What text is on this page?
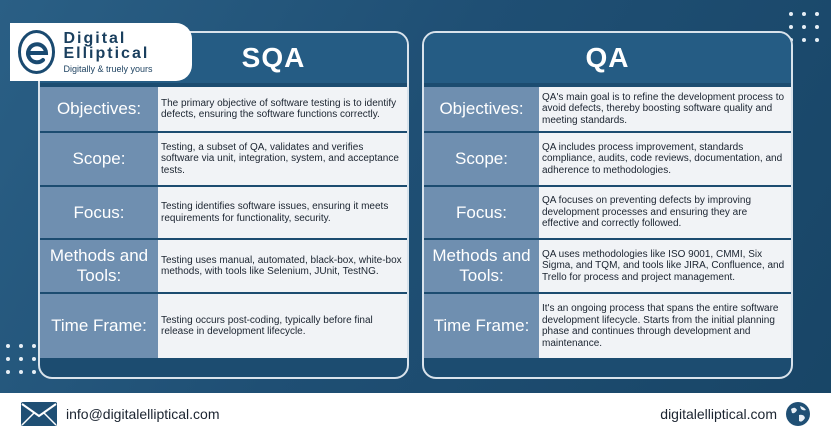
Digital Elliptical
Digitally & truely yours	SQA
Objectives:	The primary objective of software testing is to identify defects, ensuring the software functions correctly.
Scope:
Testing, a subset of QA, validates and verifies software via unit, integration, system, and acceptance tests.
Focus:	Testing identifies software issues, ensuring it meets requirements for functionality, security.
Methods and Tools:
Testing uses manual, automated, black-box, white-box methods, with tools like Selenium, JUnit, TestNG.
Time Frame:	Testing occurs post-coding, typically before final release in development lifecycle.
QA
Objectives:
QA's main goal is to refine the development process to avoid defects, thereby boosting software quality and meeting standards.
Scope:
QA includes process improvement, standards compliance, audits, code reviews, documentation, and adherence to methodologies.
Focus:
QA focuses on preventing defects by improving development processes and ensuring they are effective and correctly followed.
Methods and Tools:
QA uses methodologies like ISO 9001, CMMI, Six Sigma, and TQM, and tools like JIRA, Confluence, and Trello for process and project management.
Time Frame:
It's an ongoing process that spans the entire software development lifecycle. Starts from the initial planning phase and continues through development and maintenance.
info@digitalelliptical.com	digitalelliptical.com
